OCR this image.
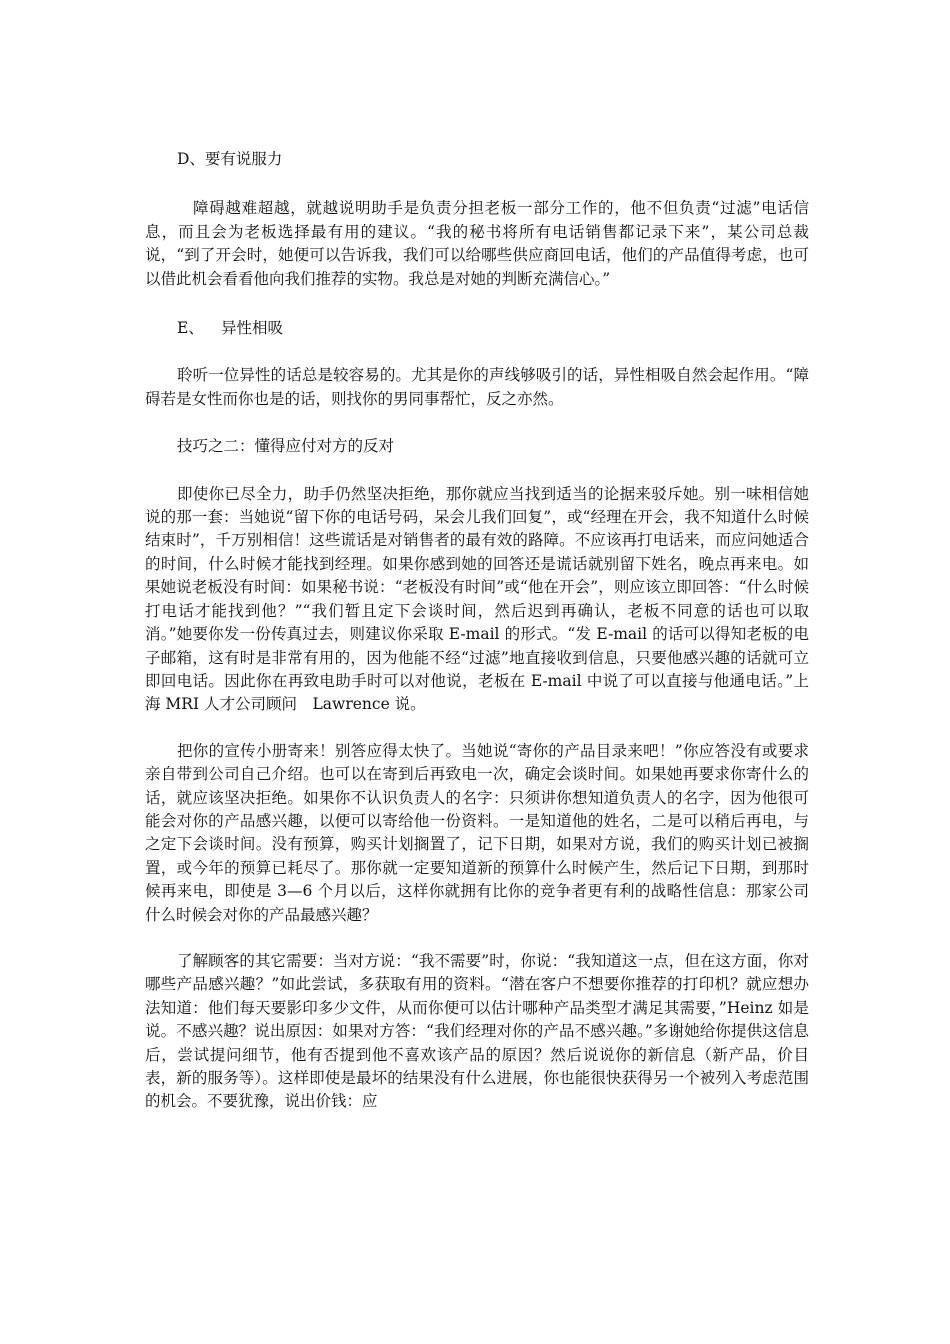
D、要有说服力

障碍越难超越，就越说明助手是负责分担老板一部分工作的，他不但负责“过滤”电话信息，而且会为老板选择最有用的建议。“我的秘书将所有电话销售都记录下来”，某公司总裁说，“到了开会时，她便可以告诉我，我们可以给哪些供应商回电话，他们的产品值得考虑，也可以借此机会看看他向我们推荐的实物。我总是对她的判断充满信心。”

E、 异性相吸

聆听一位异性的话总是较容易的。尤其是你的声线够吸引的话，异性相吸自然会起作用。“障碍若是女性而你也是的话，则找你的男同事帮忙，反之亦然。

技巧之二：懂得应付对方的反对

即使你已尽全力，助手仍然坚决拒绝，那你就应当找到适当的论据来驳斥她。别一味相信她说的那一套：当她说“留下你的电话号码，呆会儿我们回复”，或“经理在开会，我不知道什么时候结束时”，千万别相信！这些谎话是对销售者的最有效的路障。不应该再打电话来，而应问她适合的时间，什么时候才能找到经理。如果你感到她的回答还是谎话就别留下姓名，晚点再来电。如果她说老板没有时间：如果秘书说：“老板没有时间”或“他在开会”，则应该立即回答：“什么时候打电话才能找到他？”“我们暂且定下会谈时间，然后迟到再确认，老板不同意的话也可以取消。”她要你发一份传真过去，则建议你采取 E-mail 的形式。“发 E-mail 的话可以得知老板的电子邮箱，这有时是非常有用的，因为他能不经“过滤”地直接收到信息，只要他感兴趣的话就可立即回电话。因此你在再致电助手时可以对他说，老板在 E-mail 中说了可以直接与他通电话。”上海 MRI 人才公司顾问　Lawrence 说。

把你的宣传小册寄来！别答应得太快了。当她说“寄你的产品目录来吧！”你应答没有或要求亲自带到公司自己介绍。也可以在寄到后再致电一次，确定会谈时间。如果她再要求你寄什么的话，就应该坚决拒绝。如果你不认识负责人的名字：只须讲你想知道负责人的名字，因为他很可能会对你的产品感兴趣，以便可以寄给他一份资料。一是知道他的姓名，二是可以稍后再电，与之定下会谈时间。没有预算，购买计划搁置了，记下日期，如果对方说，我们的购买计划已被搁置，或今年的预算已耗尽了。那你就一定要知道新的预算什么时候产生，然后记下日期，到那时候再来电，即使是 3—6 个月以后，这样你就拥有比你的竞争者更有利的战略性信息：那家公司什么时候会对你的产品最感兴趣？

了解顾客的其它需要：当对方说：“我不需要”时，你说：“我知道这一点，但在这方面，你对哪些产品感兴趣？”如此尝试，多获取有用的资料。“潜在客户不想要你推荐的打印机？就应想办法知道：他们每天要影印多少文件，从而你便可以估计哪种产品类型才满足其需要，”Heinz 如是说。不感兴趣？说出原因：如果对方答：“我们经理对你的产品不感兴趣。”多谢她给你提供这信息后，尝试提问细节，他有否提到他不喜欢该产品的原因？然后说说你的新信息（新产品，价目表，新的服务等）。这样即使是最坏的结果没有什么进展，你也能很快获得另一个被列入考虑范围的机会。不要犹豫，说出价钱：应
